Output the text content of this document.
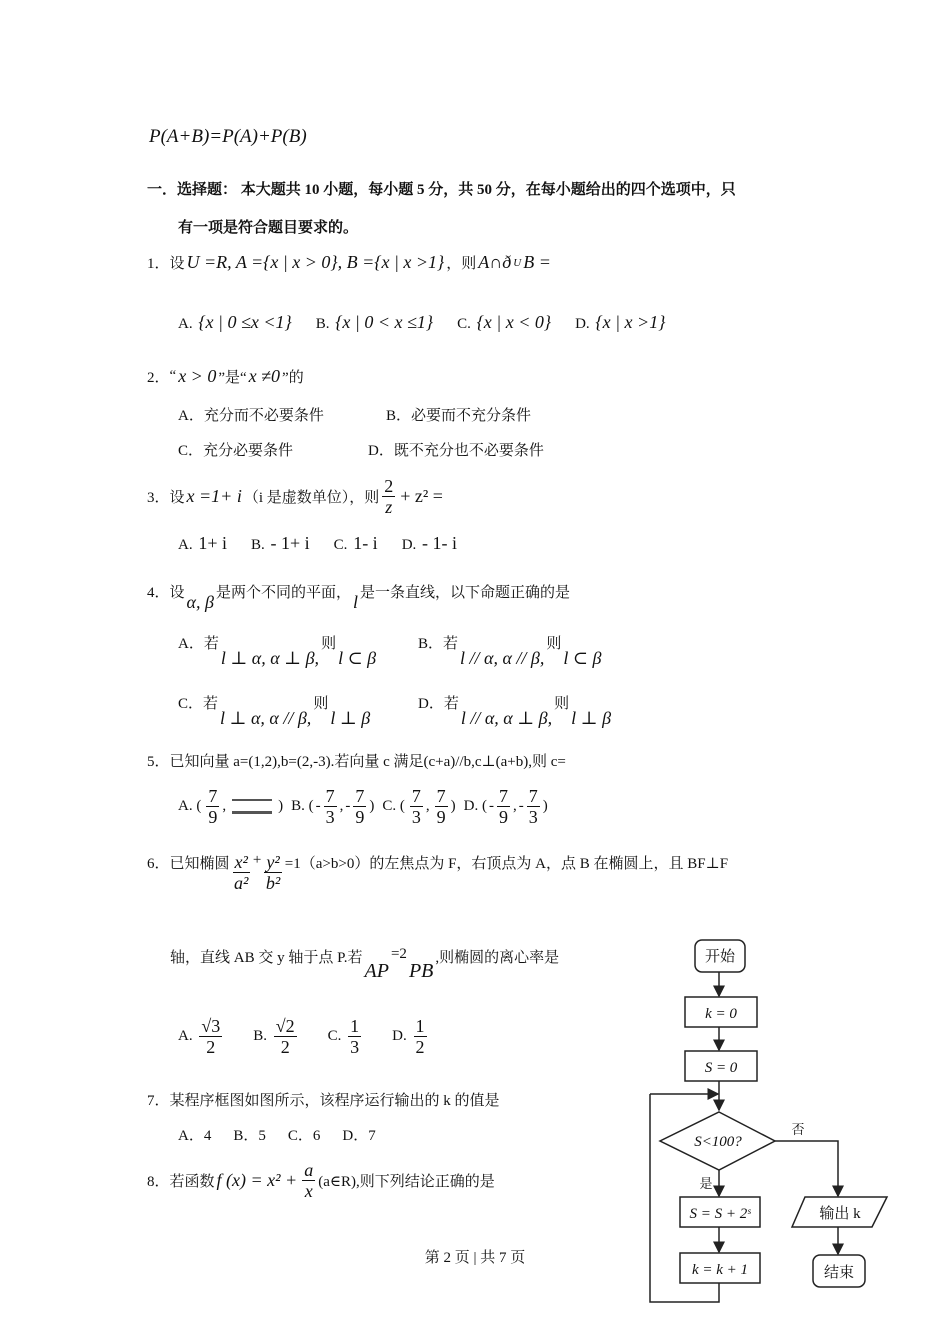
P(A+B)=P(A)+P(B)
一．选择题： 本大题共 10 小题，每小题 5 分，共 50 分，在每小题给出的四个选项中，只
有一项是符合题目要求的。
1． 设 U =R, A ={x | x > 0}, B ={x | x >1} ，则 A∩ð U B =
A. {x | 0 ≤x <1} B. {x | 0 < x ≤1} C. {x | x < 0} D. {x | x >1}
2． “ x > 0 ”是“ x ≠0 ”的
A． 充分而不必要条件	B． 必要而不充分条件
C． 充分必要条件	D． 既不充分也不必要条件
3． 设 x =1+ i （i 是虚数单位），则 $\frac{2}{z} + z^2$ =
A. 1+ i B. - 1+ i C. 1- i D. - 1- i
4． 设 α, β 是两个不同的平面， l 是一条直线，以下命题正确的是
A．若
l ⊥ α, α ⊥ β,
则
l ⊂ β
B．若
l // α, α // β,
则
l ⊂ β
C．若
l ⊥ α, α // β,
则
l ⊥ β
D．若
l // α, α ⊥ β,
则
l ⊥ β
5． 已知向量 a=(1,2),b=(2,-3).若向量 c 满足(c+a)//b,c⊥(a+b),则 c=
A. ( $\frac{7}{9}$ ,	) B. ( - $\frac{7}{3}$ , - $\frac{7}{9}$ ) C. ( $\frac{7}{3}$ , $\frac{7}{9}$ ) D. ( - $\frac{7}{9}$ , - $\frac{7}{3}$ )
6． 已知椭圆 $\frac{\text{x²}}{\text{a²}} + \frac{\text{y²}}{\text{b²}} =1(a>b>0)$的左焦点为 F，右顶点为 A，点 B 在椭圆上，且 BF⊥F
轴，直线 AB 交 y 轴于点 P.若
AP
=2
PB
,则椭圆的离心率是
A.
$\frac{√3}{2} B$.
$\frac{√2}{2} C$.
$\frac{1}{3} D$.
$\frac{1}{2}$
7． 某程序框图如图所示，该程序运行输出的 k 的值是
A．4 B．5 C．6 D．7
8． 若函数 f $(x) = x^2 + \frac{a}{x}$ (a∈R),则下列结论正确的是
开始
k = 0
S = 0
S<100?
否
是
S = S + 2ˢ
k = k + 1
输出 k
结束
第 2 页 | 共 7 页
